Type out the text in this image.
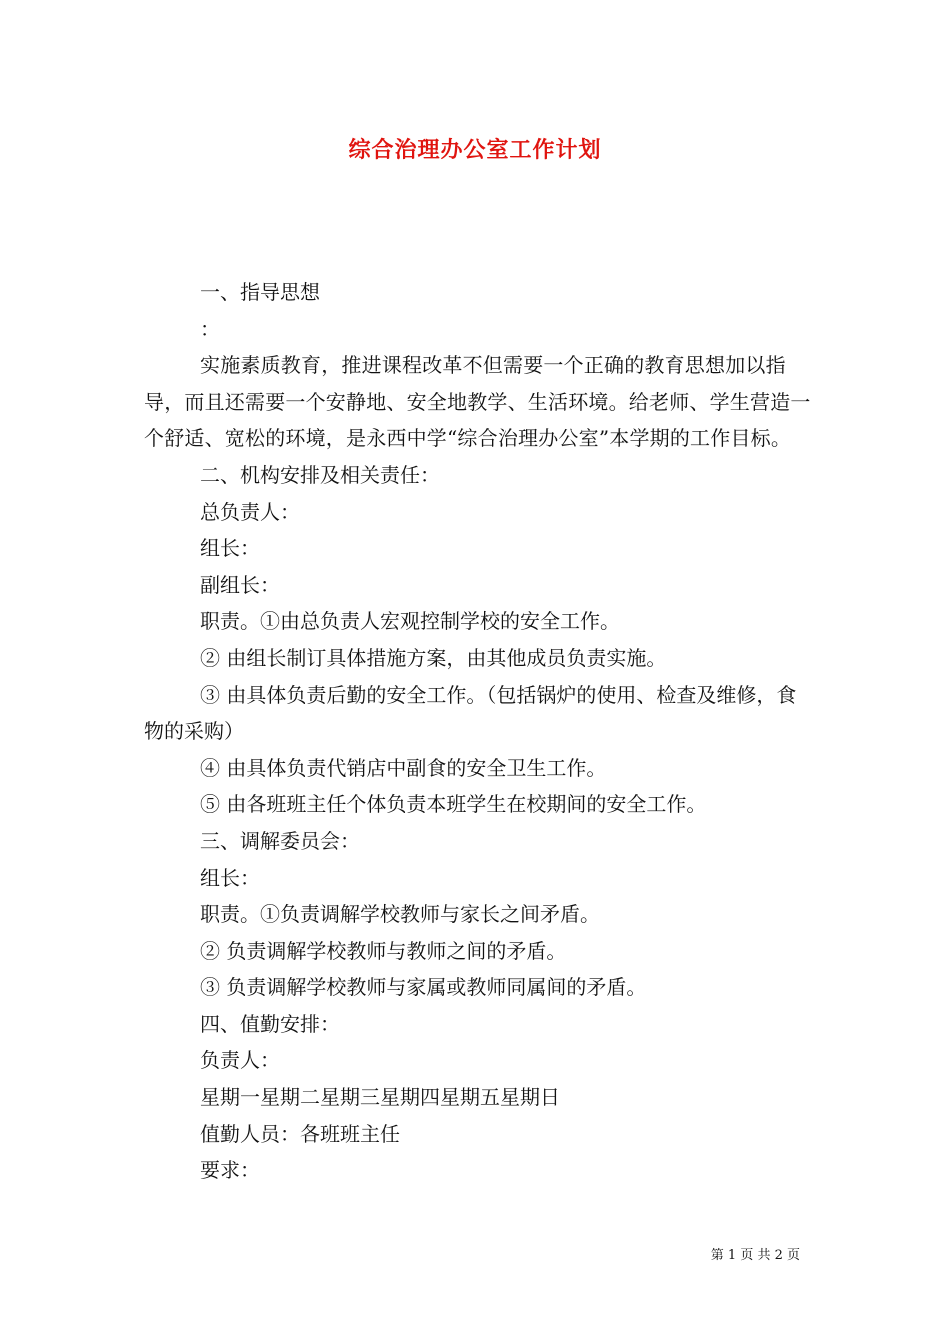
综合治理办公室工作计划

一、指导思想

：

实施素质教育，推进课程改革不但需要一个正确的教育思想加以指导，而且还需要一个安静地、安全地教学、生活环境。给老师、学生营造一个舒适、宽松的环境，是永西中学“综合治理办公室”本学期的工作目标。

二、机构安排及相关责任：

总负责人：

组长：

副组长：

职责。①由总负责人宏观控制学校的安全工作。

② 由组长制订具体措施方案，由其他成员负责实施。

③ 由具体负责后勤的安全工作。（包括锅炉的使用、检查及维修，食物的采购）

④ 由具体负责代销店中副食的安全卫生工作。

⑤ 由各班班主任个体负责本班学生在校期间的安全工作。

三、调解委员会：

组长：

职责。①负责调解学校教师与家长之间矛盾。

② 负责调解学校教师与教师之间的矛盾。

③ 负责调解学校教师与家属或教师同属间的矛盾。

四、值勤安排：

负责人：

星期一星期二星期三星期四星期五星期日

值勤人员：各班班主任

要求：

第 1 页 共 2 页
